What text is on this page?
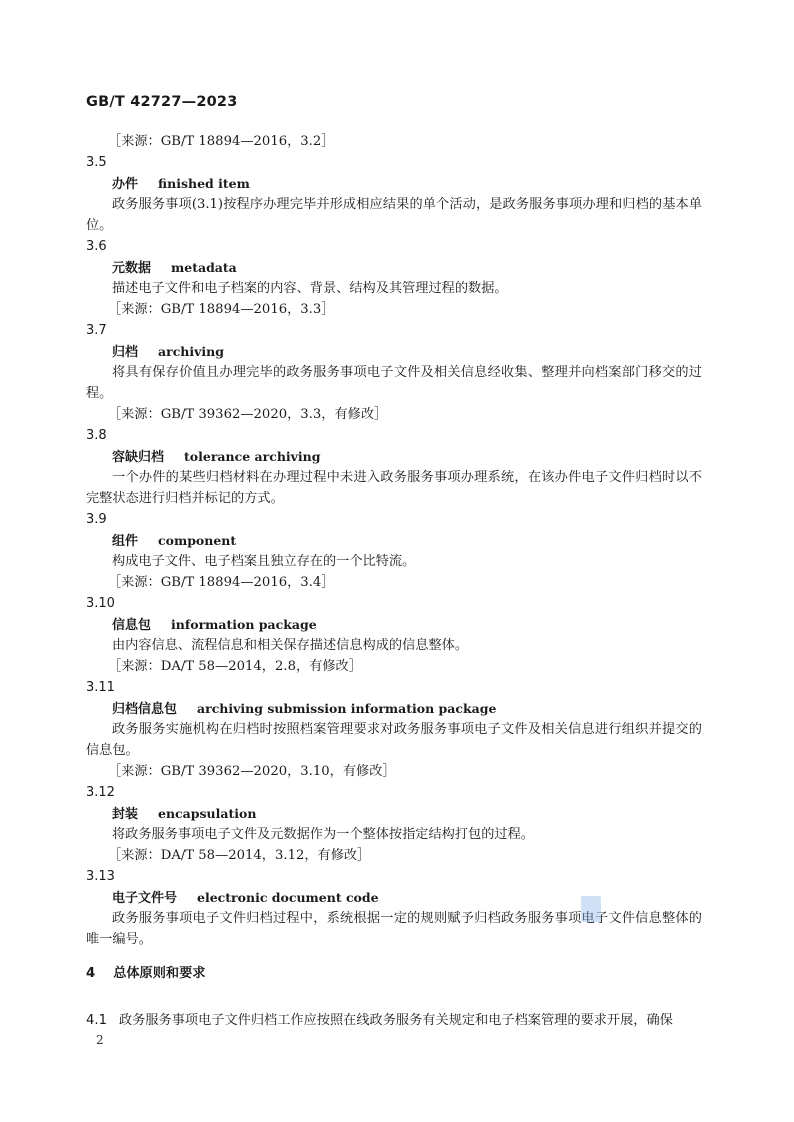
GB/T 42727—2023
［来源：GB/T 18894—2016，3.2］
3.5
办件 finished item
政务服务事项(3.1)按程序办理完毕并形成相应结果的单个活动，是政务服务事项办理和归档的基本单位。
3.6
元数据 metadata
描述电子文件和电子档案的内容、背景、结构及其管理过程的数据。
［来源：GB/T 18894—2016，3.3］
3.7
归档 archiving
将具有保存价值且办理完毕的政务服务事项电子文件及相关信息经收集、整理并向档案部门移交的过程。
［来源：GB/T 39362—2020，3.3，有修改］
3.8
容缺归档 tolerance archiving
一个办件的某些归档材料在办理过程中未进入政务服务事项办理系统，在该办件电子文件归档时以不完整状态进行归档并标记的方式。
3.9
组件 component
构成电子文件、电子档案且独立存在的一个比特流。
［来源：GB/T 18894—2016，3.4］
3.10
信息包 information package
由内容信息、流程信息和相关保存描述信息构成的信息整体。
［来源：DA/T 58—2014，2.8，有修改］
3.11
归档信息包 archiving submission information package
政务服务实施机构在归档时按照档案管理要求对政务服务事项电子文件及相关信息进行组织并提交的信息包。
［来源：GB/T 39362—2020，3.10，有修改］
3.12
封装 encapsulation
将政务服务事项电子文件及元数据作为一个整体按指定结构打包的过程。
［来源：DA/T 58—2014，3.12，有修改］
3.13
电子文件号 electronic document code
政务服务事项电子文件归档过程中，系统根据一定的规则赋予归档政务服务事项电子文件信息整体的唯一编号。
4 总体原则和要求
4.1 政务服务事项电子文件归档工作应按照在线政务服务有关规定和电子档案管理的要求开展，确保
2
